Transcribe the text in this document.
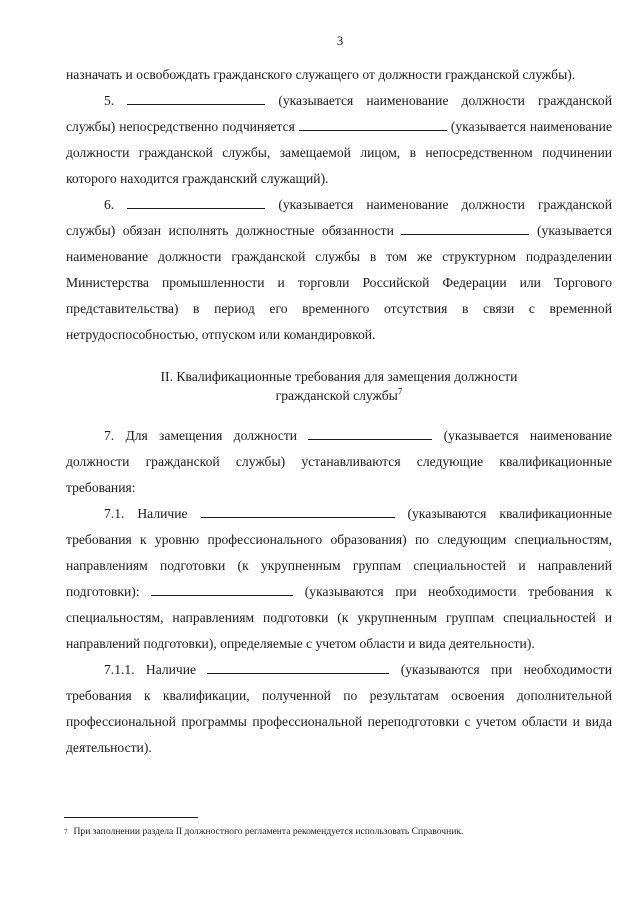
3

назначать и освобождать гражданского служащего от должности гражданской службы).

5.	(указывается наименование должности гражданской службы) непосредственно подчиняется	(указывается наименование должности гражданской службы, замещаемой лицом, в непосредственном подчинении которого находится гражданский служащий).

6.	(указывается наименование должности гражданской службы) обязан исполнять должностные обязанности	(указывается наименование должности гражданской службы в том же структурном подразделении Министерства промышленности и торговли Российской Федерации или Торгового представительства) в период его временного отсутствия в связи с временной нетрудоспособностью, отпуском или командировкой.

II. Квалификационные требования для замещения должности
гражданской службы$^7$

7. Для замещения должности	(указывается наименование должности гражданской службы) устанавливаются следующие квалификационные требования:

7.1. Наличие	(указываются квалификационные требования к уровню профессионального образования) по следующим специальностям, направлениям подготовки (к укрупненным группам специальностей и направлений подготовки):	(указываются при необходимости требования к специальностям, направлениям подготовки (к укрупненным группам специальностей и направлений подготовки), определяемые с учетом области и вида деятельности).

7.1.1. Наличие	(указываются при необходимости требования к квалификации, полученной по результатам освоения дополнительной профессиональной программы профессиональной переподготовки с учетом области и вида деятельности).

$^7$ При заполнении раздела II должностного регламента рекомендуется использовать Справочник.
